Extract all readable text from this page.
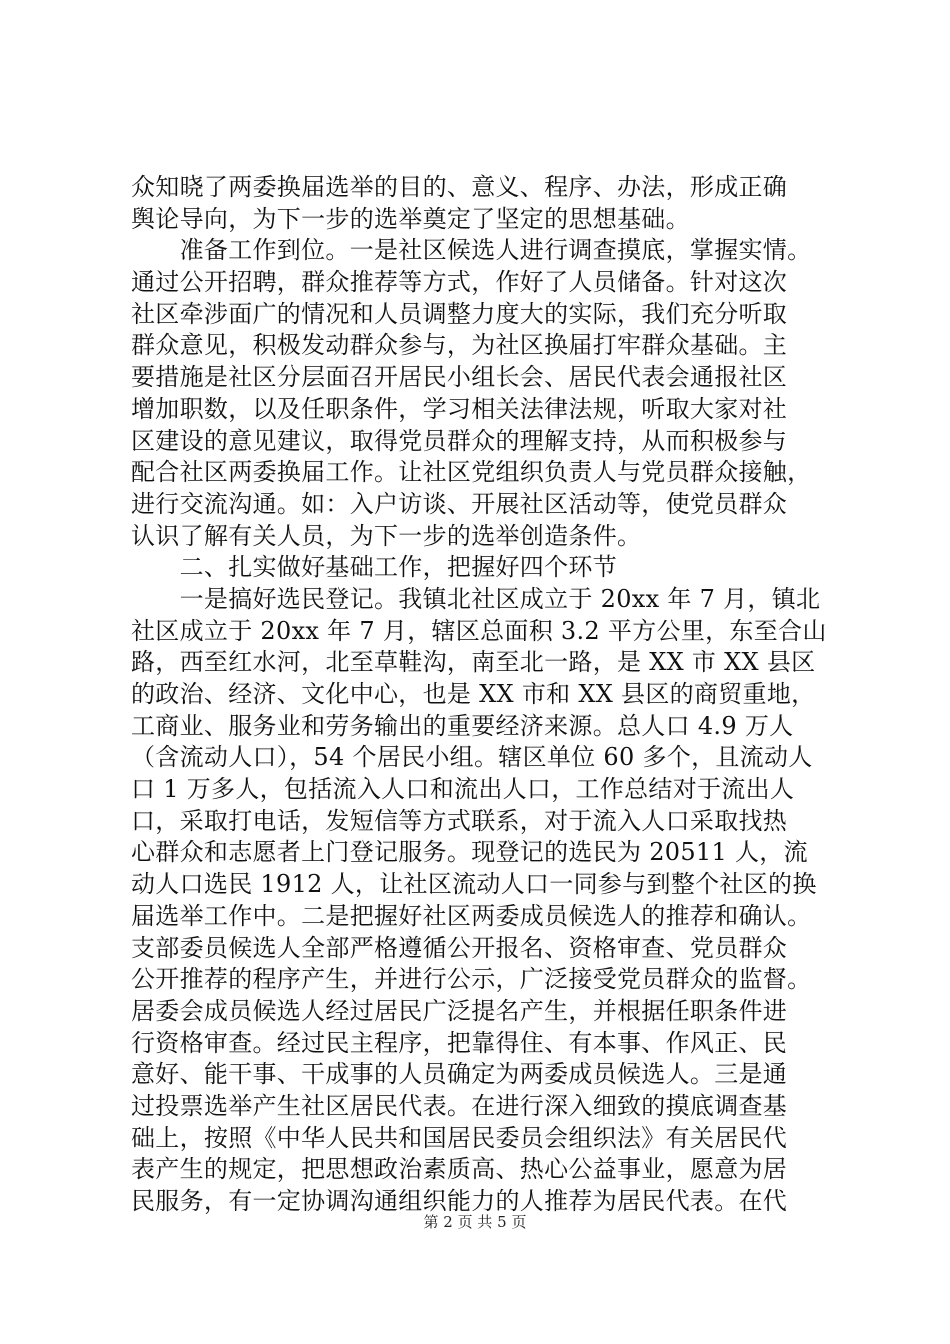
众知晓了两委换届选举的目的、意义、程序、办法，形成正确
舆论导向，为下一步的选举奠定了坚定的思想基础。
　　准备工作到位。一是社区候选人进行调查摸底，掌握实情。
通过公开招聘，群众推荐等方式，作好了人员储备。针对这次
社区牵涉面广的情况和人员调整力度大的实际，我们充分听取
群众意见，积极发动群众参与，为社区换届打牢群众基础。主
要措施是社区分层面召开居民小组长会、居民代表会通报社区
增加职数，以及任职条件，学习相关法律法规，听取大家对社
区建设的意见建议，取得党员群众的理解支持，从而积极参与
配合社区两委换届工作。让社区党组织负责人与党员群众接触，
进行交流沟通。如：入户访谈、开展社区活动等，使党员群众
认识了解有关人员，为下一步的选举创造条件。
　　二、扎实做好基础工作，把握好四个环节
　　一是搞好选民登记。我镇北社区成立于 20xx 年 7 月，镇北
社区成立于 20xx 年 7 月，辖区总面积 3.2 平方公里，东至合山
路，西至红水河，北至草鞋沟，南至北一路，是 XX 市 XX 县区
的政治、经济、文化中心，也是 XX 市和 XX 县区的商贸重地，
工商业、服务业和劳务输出的重要经济来源。总人口 4.9 万人
（含流动人口），54 个居民小组。辖区单位 60 多个，且流动人
口 1 万多人，包括流入人口和流出人口，工作总结对于流出人
口，采取打电话，发短信等方式联系，对于流入人口采取找热
心群众和志愿者上门登记服务。现登记的选民为 20511 人，流
动人口选民 1912 人，让社区流动人口一同参与到整个社区的换
届选举工作中。二是把握好社区两委成员候选人的推荐和确认。
支部委员候选人全部严格遵循公开报名、资格审查、党员群众
公开推荐的程序产生，并进行公示，广泛接受党员群众的监督。
居委会成员候选人经过居民广泛提名产生，并根据任职条件进
行资格审查。经过民主程序，把靠得住、有本事、作风正、民
意好、能干事、干成事的人员确定为两委成员候选人。三是通
过投票选举产生社区居民代表。在进行深入细致的摸底调查基
础上，按照《中华人民共和国居民委员会组织法》有关居民代
表产生的规定，把思想政治素质高、热心公益事业，愿意为居
民服务，有一定协调沟通组织能力的人推荐为居民代表。在代
第 2 页 共 5 页
